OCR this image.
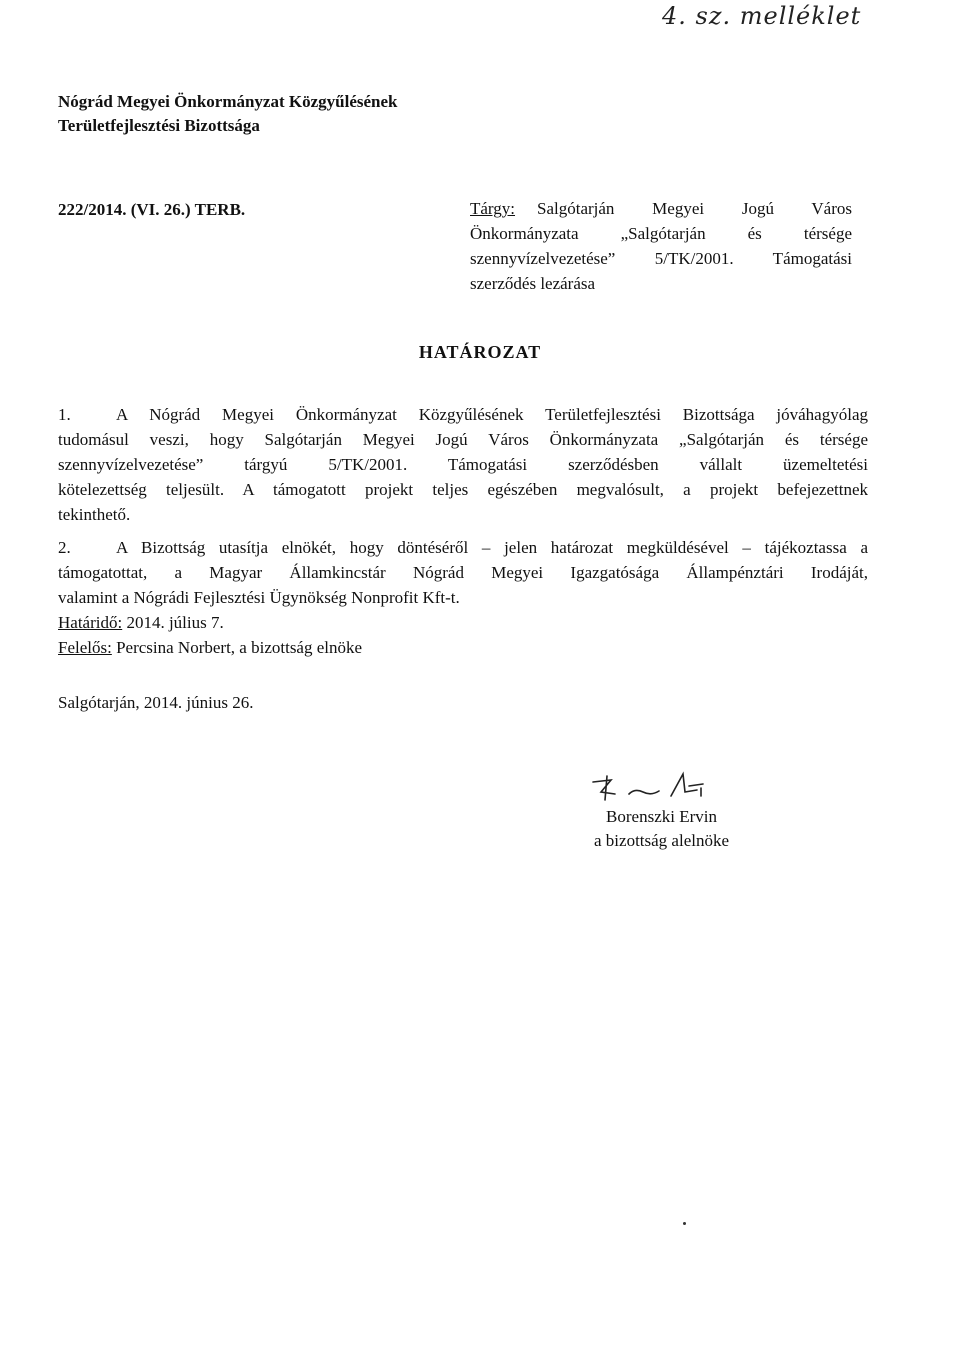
4. sz. melléklet
Nógrád Megyei Önkormányzat Közgyűlésének
Területfejlesztési Bizottsága
222/2014. (VI. 26.) TERB.	Tárgy: Salgótarján Megyei Jogú Város Önkormányzata „Salgótarján és térsége szennyvízelvezetése” 5/TK/2001. Támogatási szerződés lezárása
HATÁROZAT
1.	A Nógrád Megyei Önkormányzat Közgyűlésének Területfejlesztési Bizottsága jóváhagyólag
tudomásul veszi, hogy Salgótarján Megyei Jogú Város Önkormányzata „Salgótarján és térsége
szennyvízelvezetése” tárgyú 5/TK/2001. Támogatási szerződésben vállalt üzemeltetési
kötelezettség teljesült. A támogatott projekt teljes egészében megvalósult, a projekt befejezettnek
tekinthető.
2.	A Bizottság utasítja elnökét, hogy döntéséről – jelen határozat megküldésével – tájékoztassa a
támogatottat, a Magyar Államkincstár Nógrád Megyei Igazgatósága Állampénztári Irodáját,
valamint a Nógrádi Fejlesztési Ügynökség Nonprofit Kft-t.
Határidő: 2014. július 7.
Felelős: Percsina Norbert, a bizottság elnöke
Salgótarján, 2014. június 26.
Borenszki Ervin
a bizottság alelnöke
